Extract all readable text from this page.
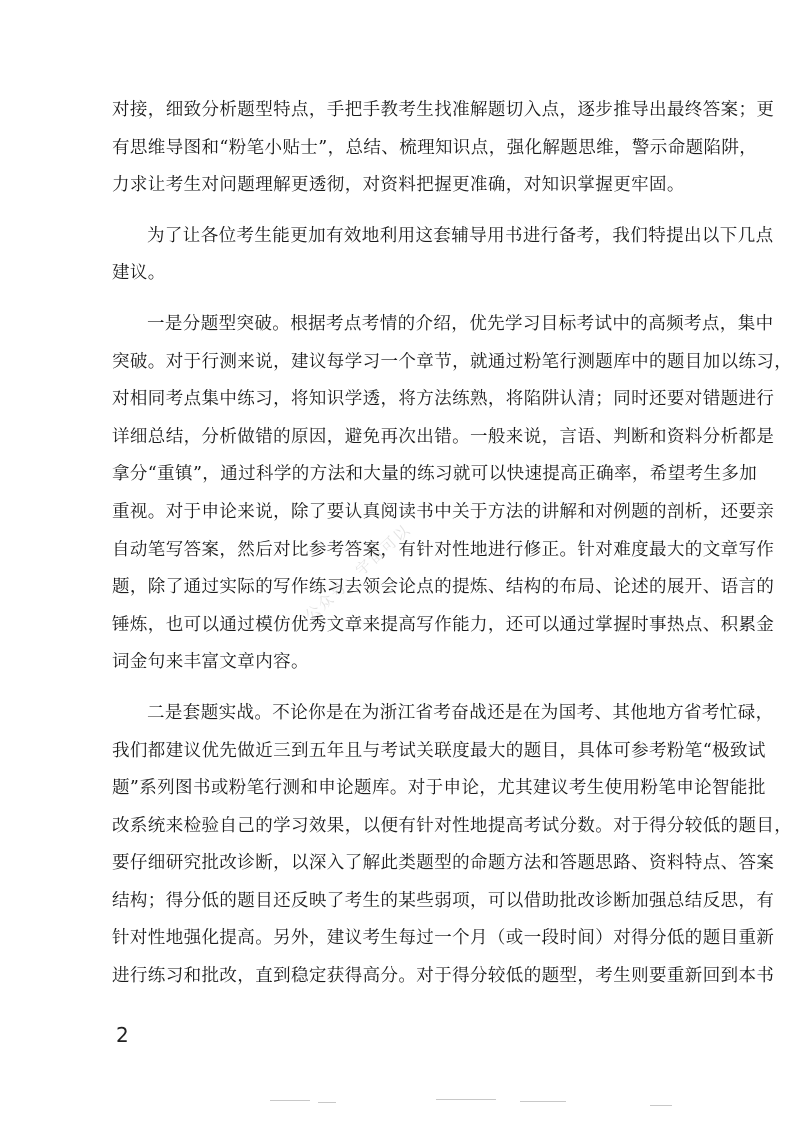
公众号：宇宙可以
对接，细致分析题型特点，手把手教考生找准解题切入点，逐步推导出最终答案；更
有思维导图和“粉笔小贴士”，总结、梳理知识点，强化解题思维，警示命题陷阱，
力求让考生对问题理解更透彻，对资料把握更准确，对知识掌握更牢固。
为了让各位考生能更加有效地利用这套辅导用书进行备考，我们特提出以下几点
建议。
一是分题型突破。根据考点考情的介绍，优先学习目标考试中的高频考点，集中
突破。对于行测来说，建议每学习一个章节，就通过粉笔行测题库中的题目加以练习，
对相同考点集中练习，将知识学透，将方法练熟，将陷阱认清；同时还要对错题进行
详细总结，分析做错的原因，避免再次出错。一般来说，言语、判断和资料分析都是
拿分“重镇”，通过科学的方法和大量的练习就可以快速提高正确率，希望考生多加
重视。对于申论来说，除了要认真阅读书中关于方法的讲解和对例题的剖析，还要亲
自动笔写答案，然后对比参考答案，有针对性地进行修正。针对难度最大的文章写作
题，除了通过实际的写作练习去领会论点的提炼、结构的布局、论述的展开、语言的
锤炼，也可以通过模仿优秀文章来提高写作能力，还可以通过掌握时事热点、积累金
词金句来丰富文章内容。
二是套题实战。不论你是在为浙江省考奋战还是在为国考、其他地方省考忙碌，
我们都建议优先做近三到五年且与考试关联度最大的题目，具体可参考粉笔“极致试
题”系列图书或粉笔行测和申论题库。对于申论，尤其建议考生使用粉笔申论智能批
改系统来检验自己的学习效果，以便有针对性地提高考试分数。对于得分较低的题目，
要仔细研究批改诊断，以深入了解此类题型的命题方法和答题思路、资料特点、答案
结构；得分低的题目还反映了考生的某些弱项，可以借助批改诊断加强总结反思，有
针对性地强化提高。另外，建议考生每过一个月（或一段时间）对得分低的题目重新
进行练习和批改，直到稳定获得高分。对于得分较低的题型，考生则要重新回到本书
2
